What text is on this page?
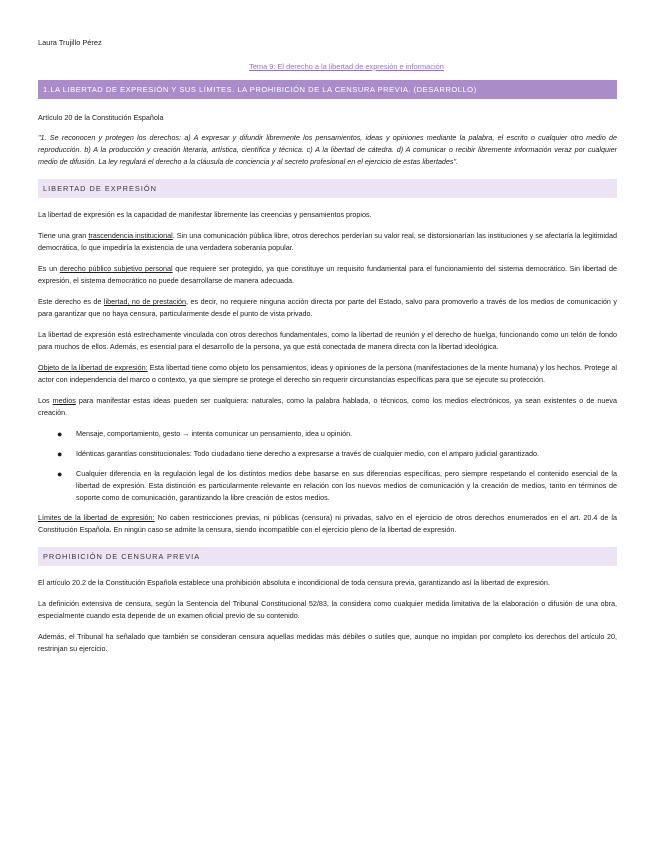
Laura Trujillo Pérez
Tema 9: El derecho a la libertad de expresión e información
1.LA LIBERTAD DE EXPRESIÓN Y SUS LÍMITES. LA PROHIBICIÓN DE LA CENSURA PREVIA. (DESARROLLO)

Artículo 20 de la Constitución Española

"1. Se reconocen y protegen los derechos: a) A expresar y difundir libremente los pensamientos, ideas y opiniones mediante la palabra, el escrito o cualquier otro medio de reproducción. b) A la producción y creación literaria, artística, científica y técnica. c) A la libertad de cátedra. d) A comunicar o recibir libremente información veraz por cualquier medio de difusión. La ley regulará el derecho a la cláusula de conciencia y al secreto profesional en el ejercicio de estas libertades".

LIBERTAD DE EXPRESIÓN

La libertad de expresión es la capacidad de manifestar libremente las creencias y pensamientos propios.

Tiene una gran trascendencia institucional. Sin una comunicación pública libre, otros derechos perderían su valor real, se distorsionarían las instituciones y se afectaría la legitimidad democrática, lo que impediría la existencia de una verdadera soberanía popular.

Es un derecho público subjetivo personal que requiere ser protegido, ya que constituye un requisito fundamental para el funcionamiento del sistema democrático. Sin libertad de expresión, el sistema democrático no puede desarrollarse de manera adecuada.

Este derecho es de libertad, no de prestación, es decir, no requiere ninguna acción directa por parte del Estado, salvo para promoverlo a través de los medios de comunicación y para garantizar que no haya censura, particularmente desde el punto de vista privado.

La libertad de expresión está estrechamente vinculada con otros derechos fundamentales, como la libertad de reunión y el derecho de huelga, funcionando como un telón de fondo para muchos de ellos. Además, es esencial para el desarrollo de la persona, ya que está conectada de manera directa con la libertad ideológica.

Objeto de la libertad de expresión: Esta libertad tiene como objeto los pensamientos, ideas y opiniones de la persona (manifestaciones de la mente humana) y los hechos. Protege al actor con independencia del marco o contexto, ya que siempre se protege el derecho sin requerir circunstancias específicas para que se ejecute su protección.

Los medios para manifestar estas ideas pueden ser cualquiera: naturales, como la palabra hablada, o técnicos, como los medios electrónicos, ya sean existentes o de nueva creación.

● Mensaje, comportamiento, gesto → intenta comunicar un pensamiento, idea u opinión.
● Idénticas garantías constitucionales: Todo ciudadano tiene derecho a expresarse a través de cualquier medio, con el amparo judicial garantizado.
● Cualquier diferencia en la regulación legal de los distintos medios debe basarse en sus diferencias específicas, pero siempre respetando el contenido esencial de la libertad de expresión. Esta distinción es particularmente relevante en relación con los nuevos medios de comunicación y la creación de medios, tanto en términos de soporte como de comunicación, garantizando la libre creación de estos medios.

Límites de la libertad de expresión: No caben restricciones previas, ni públicas (censura) ni privadas, salvo en el ejercicio de otros derechos enumerados en el art. 20.4 de la Constitución Española. En ningún caso se admite la censura, siendo incompatible con el ejercicio pleno de la libertad de expresión.

PROHIBICIÓN DE CENSURA PREVIA

El artículo 20.2 de la Constitución Española establece una prohibición absoluta e incondicional de toda censura previa, garantizando así la libertad de expresión.

La definición extensiva de censura, según la Sentencia del Tribunal Constitucional 52/83, la considera como cualquier medida limitativa de la elaboración o difusión de una obra, especialmente cuando esta depende de un examen oficial previo de su contenido.

Además, el Tribunal ha señalado que también se consideran censura aquellas medidas más débiles o sutiles que, aunque no impidan por completo los derechos del artículo 20, restrinjan su ejercicio.
